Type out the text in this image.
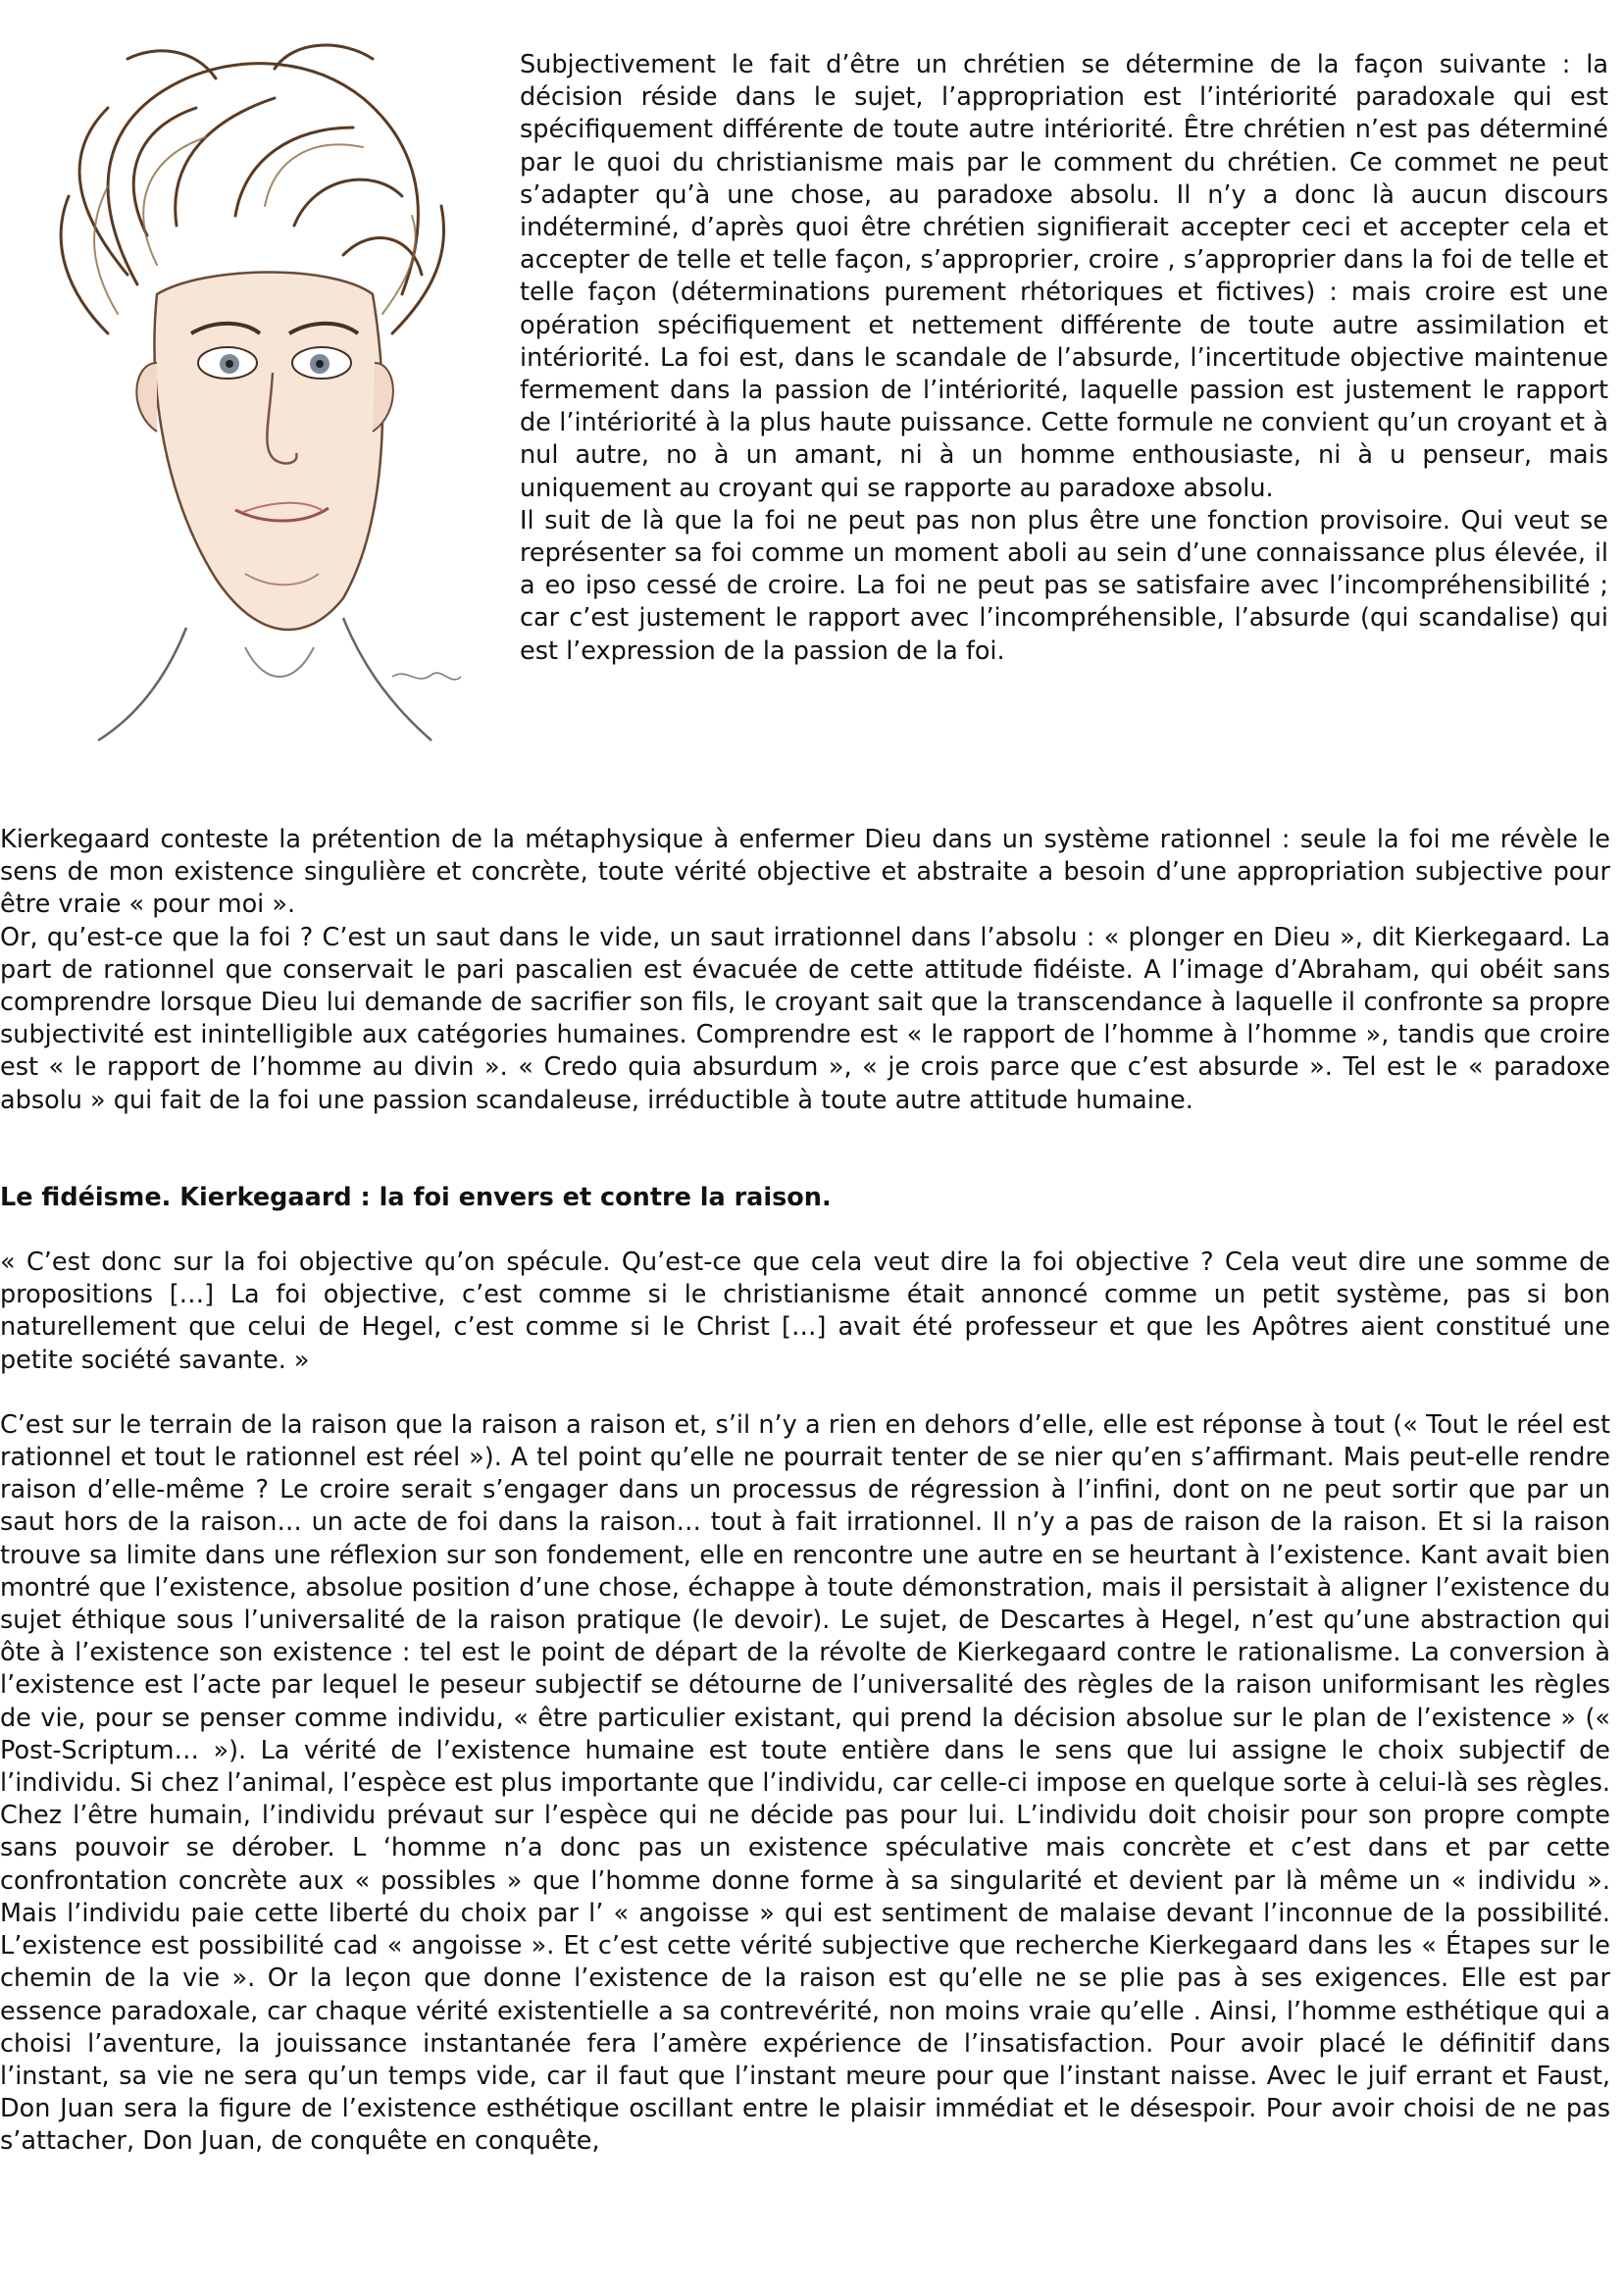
Subjectivement le fait d’être un chrétien se détermine de la façon suivante : la décision réside dans le sujet, l’appropriation est l’intériorité paradoxale qui est spécifiquement différente de toute autre intériorité. Être chrétien n’est pas déterminé par le quoi du christianisme mais par le comment du chrétien. Ce commet ne peut s’adapter qu’à une chose, au paradoxe absolu. Il n’y a donc là aucun discours indéterminé, d’après quoi être chrétien signifierait accepter ceci et accepter cela et accepter de telle et telle façon, s’approprier, croire , s’approprier dans la foi de telle et telle façon (déterminations purement rhétoriques et fictives) : mais croire est une opération spécifiquement et nettement différente de toute autre assimilation et intériorité. La foi est, dans le scandale de l’absurde, l’incertitude objective maintenue fermement dans la passion de l’intériorité, laquelle passion est justement le rapport de l’intériorité à la plus haute puissance. Cette formule ne convient qu’un croyant et à nul autre, no à un amant, ni à un homme enthousiaste, ni à u penseur, mais uniquement au croyant qui se rapporte au paradoxe absolu.

Il suit de là que la foi ne peut pas non plus être une fonction provisoire. Qui veut se représenter sa foi comme un moment aboli au sein d’une connaissance plus élevée, il a eo ipso cessé de croire. La foi ne peut pas se satisfaire avec l’incompréhensibilité ; car c’est justement le rapport avec l’incompréhensible, l’absurde (qui scandalise) qui est l’expression de la passion de la foi.

Kierkegaard conteste la prétention de la métaphysique à enfermer Dieu dans un système rationnel : seule la foi me révèle le sens de mon existence singulière et concrète, toute vérité objective et abstraite a besoin d’une appropriation subjective pour être vraie « pour moi ».

Or, qu’est-ce que la foi ? C’est un saut dans le vide, un saut irrationnel dans l’absolu : « plonger en Dieu », dit Kierkegaard. La part de rationnel que conservait le pari pascalien est évacuée de cette attitude fidéiste. A l’image d’Abraham, qui obéit sans comprendre lorsque Dieu lui demande de sacrifier son fils, le croyant sait que la transcendance à laquelle il confronte sa propre subjectivité est inintelligible aux catégories humaines. Comprendre est « le rapport de l’homme à l’homme », tandis que croire est « le rapport de l’homme au divin ». « Credo quia absurdum », « je crois parce que c’est absurde ». Tel est le « paradoxe absolu » qui fait de la foi une passion scandaleuse, irréductible à toute autre attitude humaine.

Le fidéisme. Kierkegaard : la foi envers et contre la raison.

« C’est donc sur la foi objective qu’on spécule. Qu’est-ce que cela veut dire la foi objective ? Cela veut dire une somme de propositions […] La foi objective, c’est comme si le christianisme était annoncé comme un petit système, pas si bon naturellement que celui de Hegel, c’est comme si le Christ […] avait été professeur et que les Apôtres aient constitué une petite société savante. »

C’est sur le terrain de la raison que la raison a raison et, s’il n’y a rien en dehors d’elle, elle est réponse à tout (« Tout le réel est rationnel et tout le rationnel est réel »). A tel point qu’elle ne pourrait tenter de se nier qu’en s’affirmant. Mais peut-elle rendre raison d’elle-même ? Le croire serait s’engager dans un processus de régression à l’infini, dont on ne peut sortir que par un saut hors de la raison… un acte de foi dans la raison… tout à fait irrationnel. Il n’y a pas de raison de la raison. Et si la raison trouve sa limite dans une réflexion sur son fondement, elle en rencontre une autre en se heurtant à l’existence. Kant avait bien montré que l’existence, absolue position d’une chose, échappe à toute démonstration, mais il persistait à aligner l’existence du sujet éthique sous l’universalité de la raison pratique (le devoir). Le sujet, de Descartes à Hegel, n’est qu’une abstraction qui ôte à l’existence son existence : tel est le point de départ de la révolte de Kierkegaard contre le rationalisme. La conversion à l’existence est l’acte par lequel le peseur subjectif se détourne de l’universalité des règles de la raison uniformisant les règles de vie, pour se penser comme individu, « être particulier existant, qui prend la décision absolue sur le plan de l’existence » (« Post-Scriptum… »). La vérité de l’existence humaine est toute entière dans le sens que lui assigne le choix subjectif de l’individu. Si chez l’animal, l’espèce est plus importante que l’individu, car celle-ci impose en quelque sorte à celui-là ses règles. Chez l’être humain, l’individu prévaut sur l’espèce qui ne décide pas pour lui. L’individu doit choisir pour son propre compte sans pouvoir se dérober. L ‘homme n’a donc pas un existence spéculative mais concrète et c’est dans et par cette confrontation concrète aux « possibles » que l’homme donne forme à sa singularité et devient par là même un « individu ». Mais l’individu paie cette liberté du choix par l’ « angoisse » qui est sentiment de malaise devant l’inconnue de la possibilité. L’existence est possibilité cad « angoisse ». Et c’est cette vérité subjective que recherche Kierkegaard dans les « Étapes sur le chemin de la vie ». Or la leçon que donne l’existence de la raison est qu’elle ne se plie pas à ses exigences. Elle est par essence paradoxale, car chaque vérité existentielle a sa contrevérité, non moins vraie qu’elle . Ainsi, l’homme esthétique qui a choisi l’aventure, la jouissance instantanée fera l’amère expérience de l’insatisfaction. Pour avoir placé le définitif dans l’instant, sa vie ne sera qu’un temps vide, car il faut que l’instant meure pour que l’instant naisse. Avec le juif errant et Faust, Don Juan sera la figure de l’existence esthétique oscillant entre le plaisir immédiat et le désespoir. Pour avoir choisi de ne pas s’attacher, Don Juan, de conquête en conquête,
